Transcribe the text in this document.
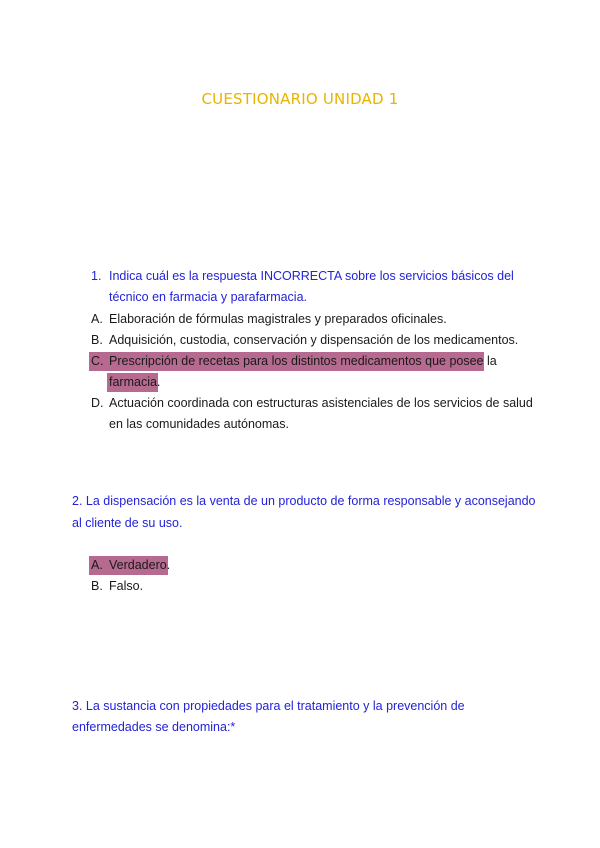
CUESTIONARIO UNIDAD 1
1. Indica cuál es la respuesta INCORRECTA sobre los servicios básicos del
técnico en farmacia y parafarmacia.
A. Elaboración de fórmulas magistrales y preparados oficinales.
B. Adquisición, custodia, conservación y dispensación de los medicamentos.
C. Prescripción de recetas para los distintos medicamentos que posee la
farmacia.
D. Actuación coordinada con estructuras asistenciales de los servicios de salud
en las comunidades autónomas.
2. La dispensación es la venta de un producto de forma responsable y aconsejando
al cliente de su uso.
A. Verdadero.
B. Falso.
3. La sustancia con propiedades para el tratamiento y la prevención de
enfermedades se denomina:*
